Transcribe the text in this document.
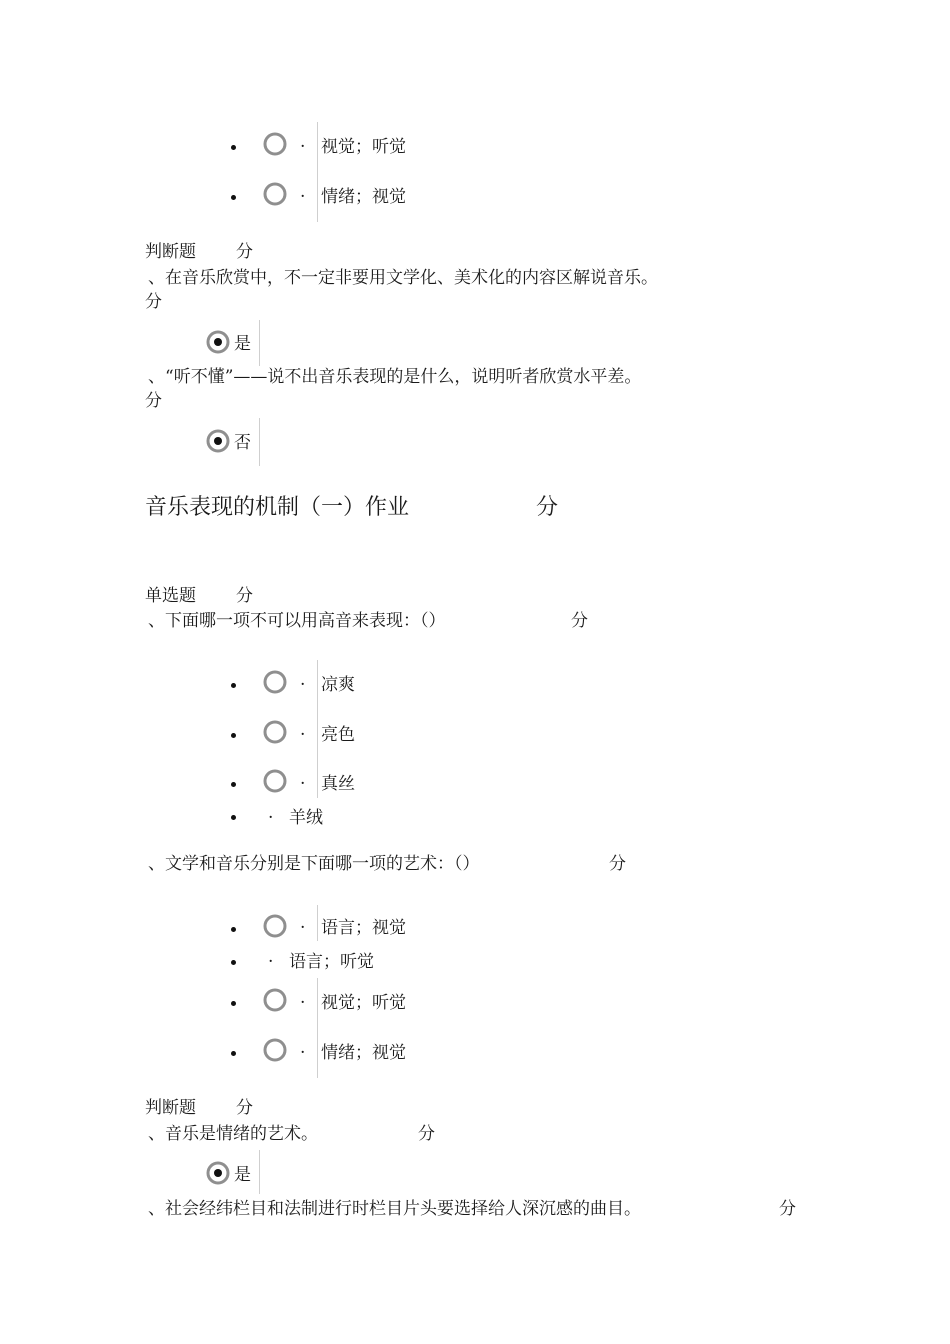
. 视觉；听觉
. 情绪；视觉
判断题 分
、在音乐欣赏中，不一定非要用文学化、美术化的内容区解说音乐。
分
是
、“听不懂”——说不出音乐表现的是什么，说明听者欣赏水平差。
分
否
音乐表现的机制（一）作业	分
单选题 分
、下面哪一项不可以用高音来表现：（）	分
. 凉爽
. 亮色
. 真丝
. 羊绒
、文学和音乐分别是下面哪一项的艺术：（）	分
. 语言；视觉
. 语言；听觉
. 视觉；听觉
. 情绪；视觉
判断题 分
、音乐是情绪的艺术。	分
是
、社会经纬栏目和法制进行时栏目片头要选择给人深沉感的曲目。	分
